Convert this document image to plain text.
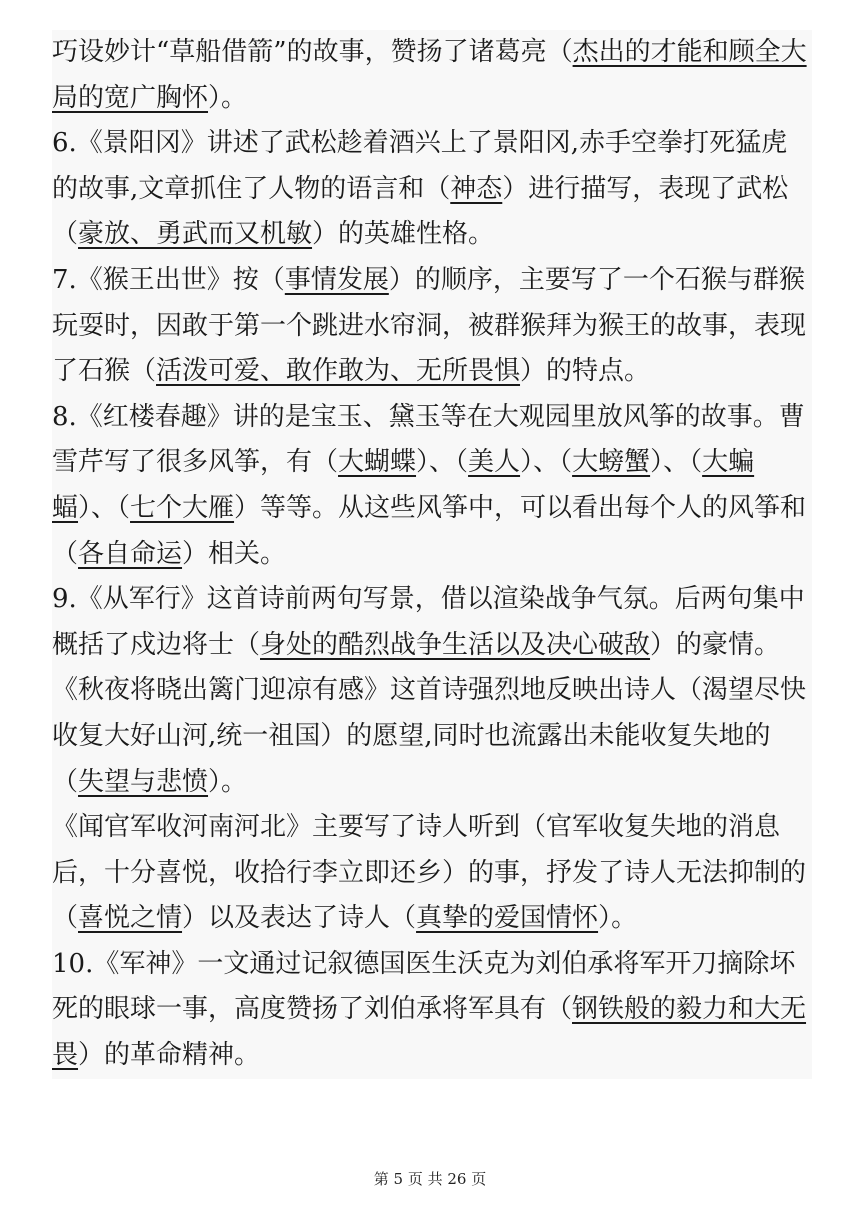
巧设妙计“草船借箭”的故事，赞扬了诸葛亮（杰出的才能和顾全大局的宽广胸怀）。

6.《景阳冈》讲述了武松趁着酒兴上了景阳冈,赤手空拳打死猛虎的故事,文章抓住了人物的语言和（神态）进行描写，表现了武松（豪放、勇武而又机敏）的英雄性格。

7.《猴王出世》按（事情发展）的顺序，主要写了一个石猴与群猴玩耍时，因敢于第一个跳进水帘洞，被群猴拜为猴王的故事，表现了石猴（活泼可爱、敢作敢为、无所畏惧）的特点。

8.《红楼春趣》讲的是宝玉、黛玉等在大观园里放风筝的故事。曹雪芹写了很多风筝，有（大蝴蝶）、（美人）、（大螃蟹）、（大蝙蝠）、（七个大雁）等等。从这些风筝中，可以看出每个人的风筝和（各自命运）相关。

9.《从军行》这首诗前两句写景，借以渲染战争气氛。后两句集中概括了戍边将士（身处的酷烈战争生活以及决心破敌）的豪情。

《秋夜将晓出篱门迎凉有感》这首诗强烈地反映出诗人（渴望尽快收复大好山河,统一祖国）的愿望,同时也流露出未能收复失地的（失望与悲愤）。

《闻官军收河南河北》主要写了诗人听到（官军收复失地的消息后，十分喜悦，收拾行李立即还乡）的事，抒发了诗人无法抑制的（喜悦之情）以及表达了诗人（真挚的爱国情怀）。

10.《军神》一文通过记叙德国医生沃克为刘伯承将军开刀摘除坏死的眼球一事，高度赞扬了刘伯承将军具有（钢铁般的毅力和大无畏）的革命精神。

第 5 页 共 26 页
